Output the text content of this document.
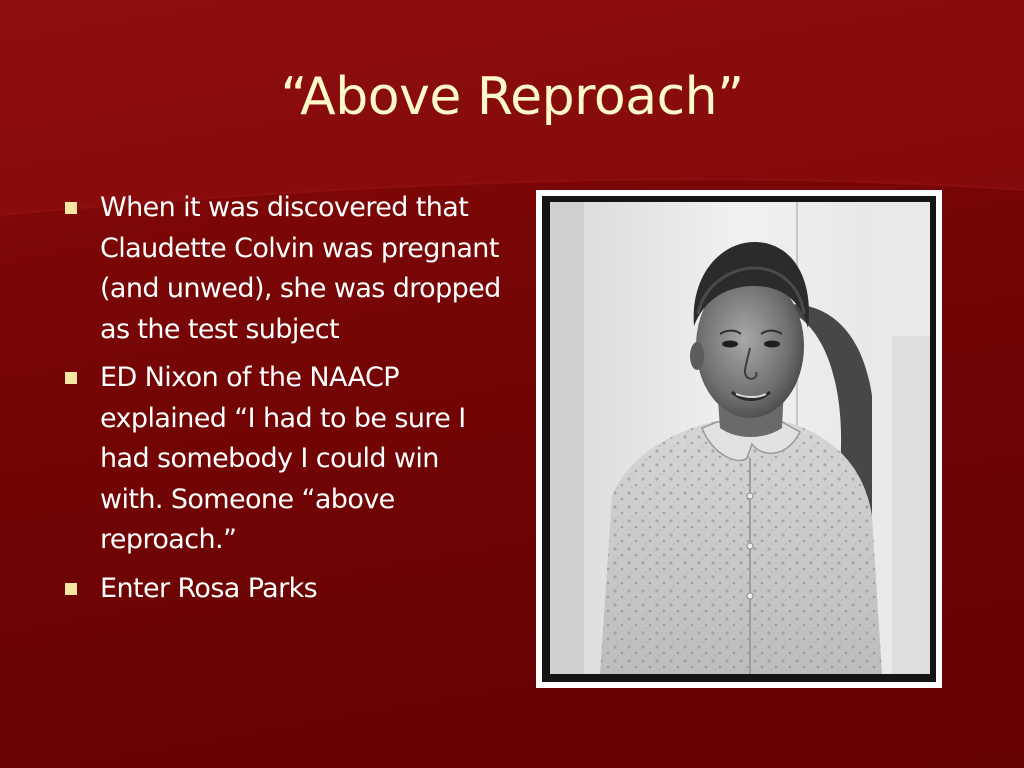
“Above Reproach”
When it was discovered that Claudette Colvin was pregnant (and unwed), she was dropped as the test subject
ED Nixon of the NAACP explained “I had to be sure I had somebody I could win with. Someone “above reproach.”
Enter Rosa Parks
